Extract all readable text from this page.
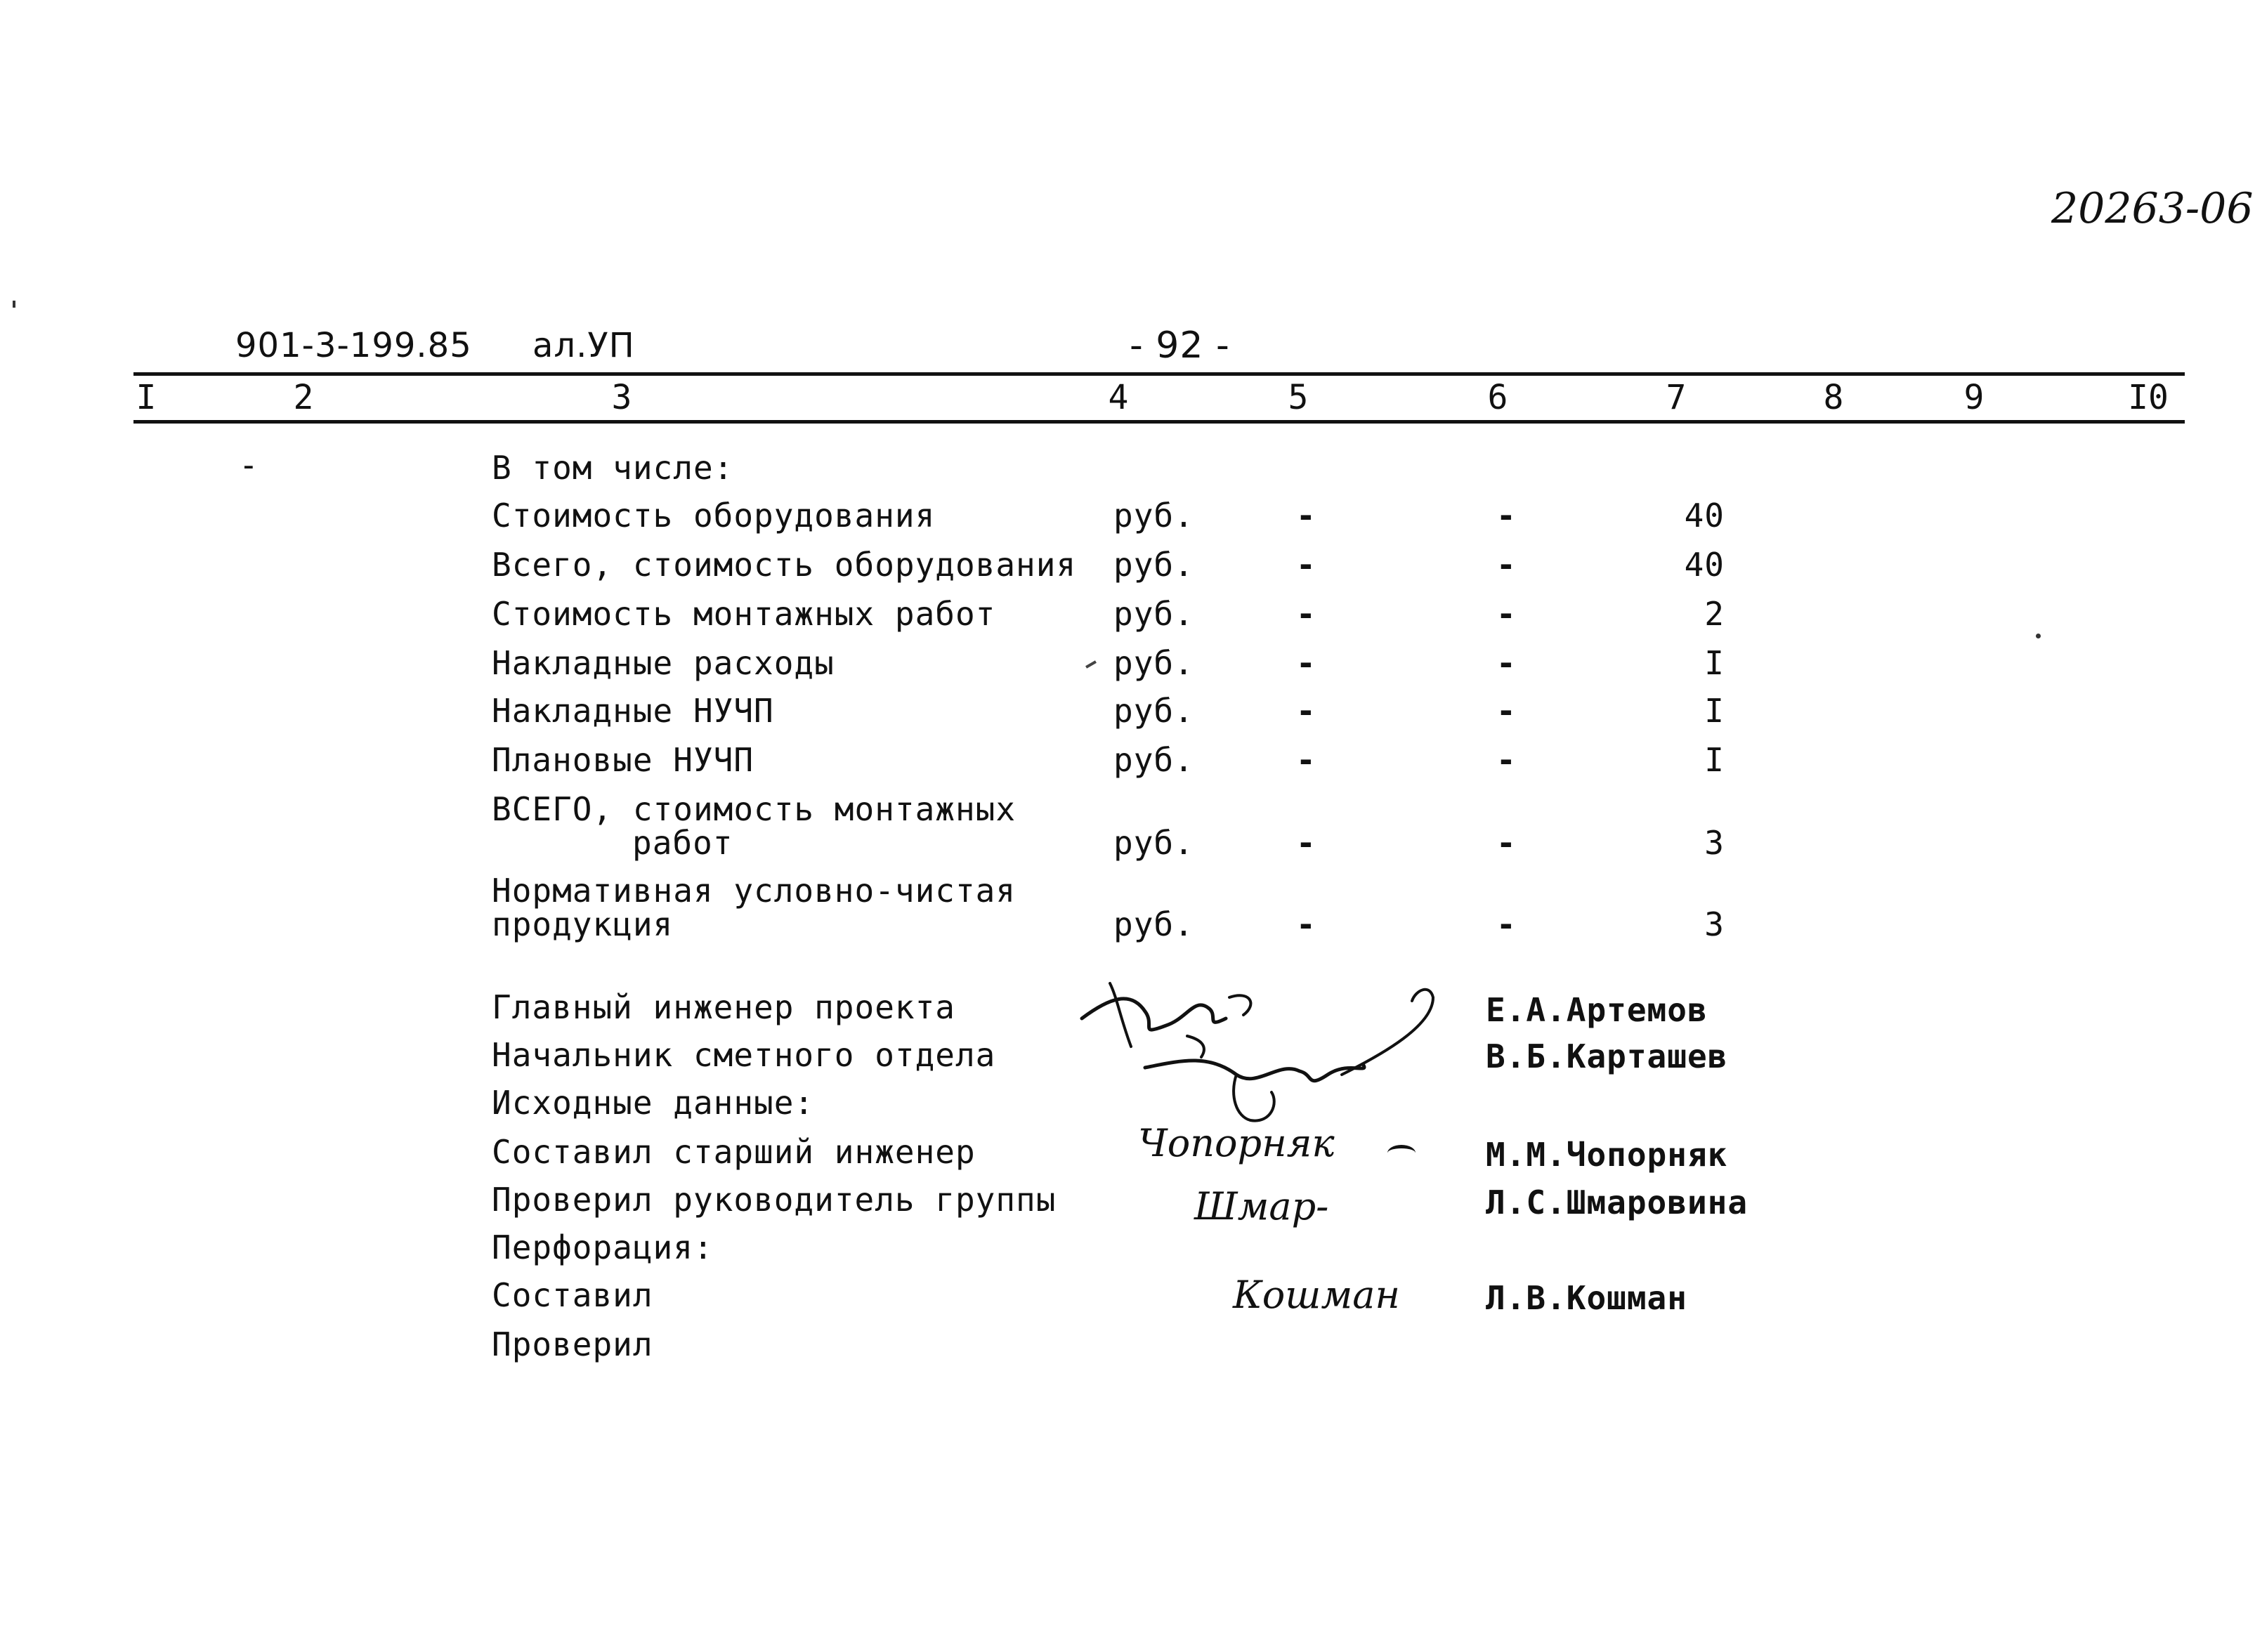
20263-06
901-3-199.85 ал.УП	- 92 -
I	2	3	4	5	6	7	8	9	I0
-	В том числе:
Стоимость оборудования	руб.	-	-	40
Всего, стоимость оборудования руб.	-	-	40
Стоимость монтажных работ	руб.	-	-	2
Накладные расходы	руб.	-	-	I
Накладные НУЧП	руб.	-	-	I
Плановые НУЧП	руб.	-	-	I
ВСЕГО, стоимость монтажных
работ	руб.	-	-	3
Нормативная условно-чистая
продукция	руб.	-	-	3
Главный инженер проекта	Е.А.Артемов
Начальник сметного отдела	В.Б.Карташев
Исходные данные:
Составил старший инженер	М.М.Чопорняк
Проверил руководитель группы	Л.С.Шмаровина
Перфорация:
Составил	Л.В.Кошман
Проверил
Чопорняк
Шмар-
Кошман
